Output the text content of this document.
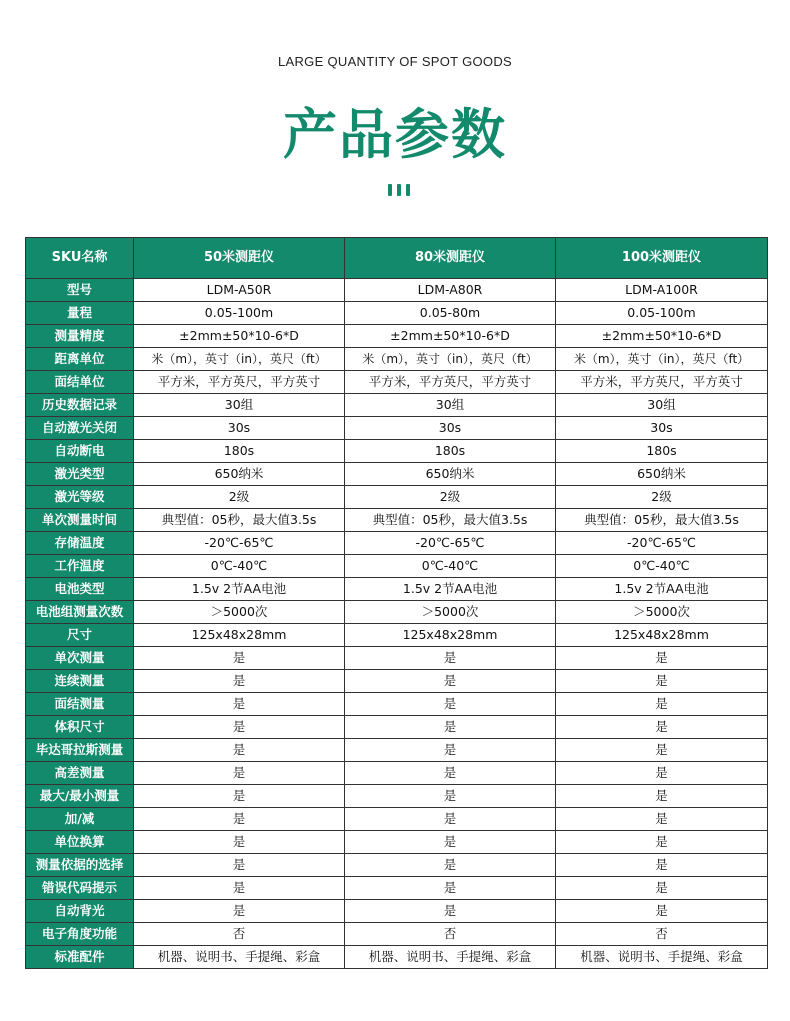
LARGE QUANTITY OF SPOT GOODS
产品参数
SKU名称	50米测距仪	80米测距仪	100米测距仪
型号	LDM-A50R	LDM-A80R	LDM-A100R
量程	0.05-100m	0.05-80m	0.05-100m
测量精度	±2mm±50*10-6*D	±2mm±50*10-6*D	±2mm±50*10-6*D
距离单位	米（m），英寸（in），英尺（ft）	米（m），英寸（in），英尺（ft）	米（m），英寸（in），英尺（ft）
面结单位	平方米，平方英尺，平方英寸	平方米，平方英尺，平方英寸	平方米，平方英尺，平方英寸
历史数据记录	30组	30组	30组
自动激光关闭	30s	30s	30s
自动断电	180s	180s	180s
激光类型	650纳米	650纳米	650纳米
激光等级	2级	2级	2级
单次测量时间	典型值：05秒，最大值3.5s	典型值：05秒，最大值3.5s	典型值：05秒，最大值3.5s
存储温度	-20℃-65℃	-20℃-65℃	-20℃-65℃
工作温度	0℃-40℃	0℃-40℃	0℃-40℃
电池类型	1.5v 2节AA电池	1.5v 2节AA电池	1.5v 2节AA电池
电池组测量次数	＞5000次	＞5000次	＞5000次
尺寸	125x48x28mm	125x48x28mm	125x48x28mm
单次测量	是	是	是
连续测量	是	是	是
面结测量	是	是	是
体积尺寸	是	是	是
毕达哥拉斯测量	是	是	是
高差测量	是	是	是
最大/最小测量	是	是	是
加/减	是	是	是
单位换算	是	是	是
测量依据的选择	是	是	是
错误代码提示	是	是	是
自动背光	是	是	是
电子角度功能	否	否	否
标准配件	机器、说明书、手提绳、彩盒	机器、说明书、手提绳、彩盒	机器、说明书、手提绳、彩盒
